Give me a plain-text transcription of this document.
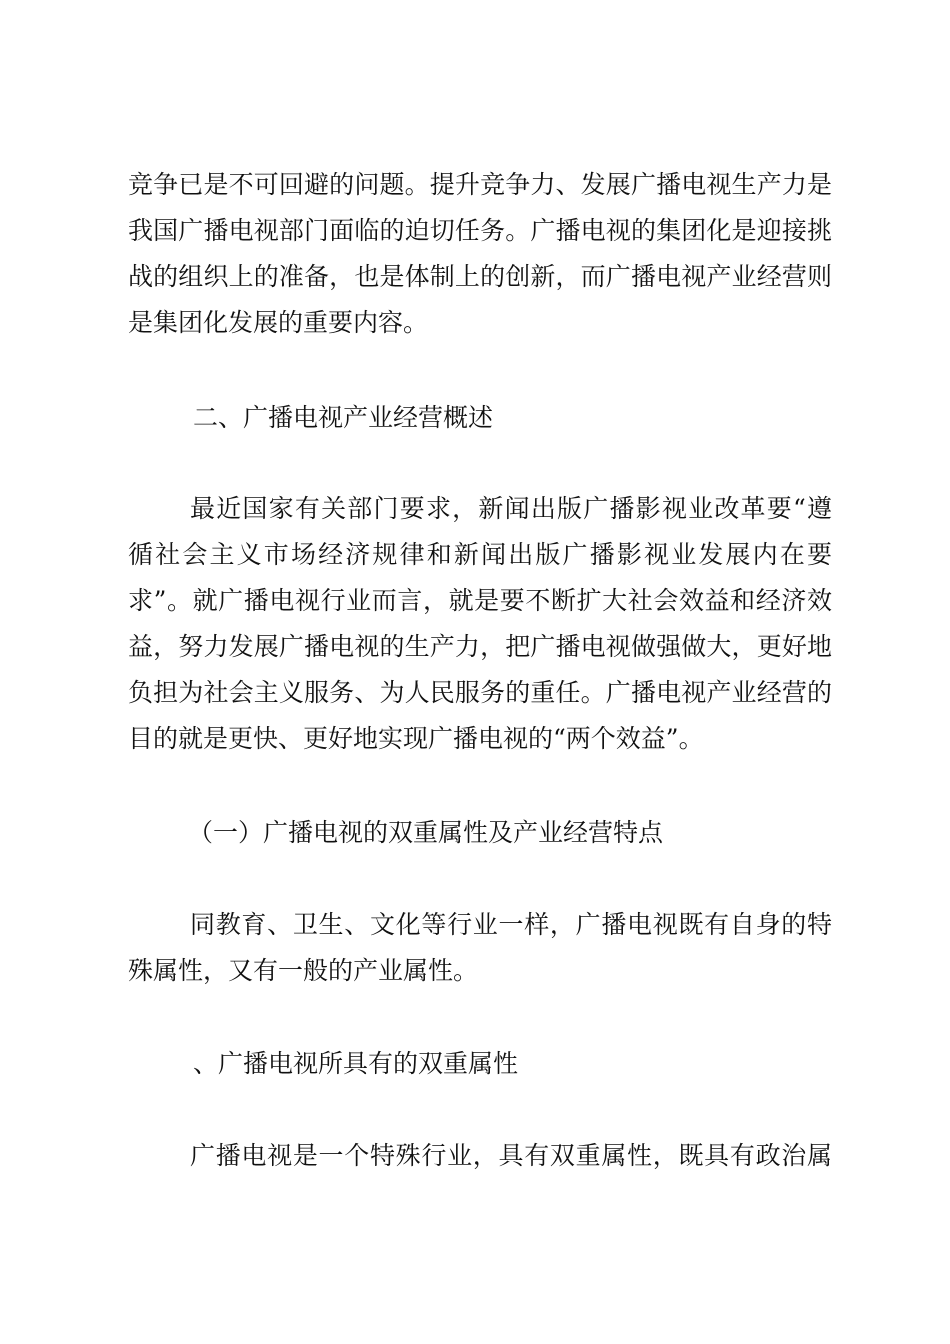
竞争已是不可回避的问题。提升竞争力、发展广播电视生产力是
我国广播电视部门面临的迫切任务。广播电视的集团化是迎接挑
战的组织上的准备，也是体制上的创新，而广播电视产业经营则
是集团化发展的重要内容。
二、广播电视产业经营概述
最近国家有关部门要求，新闻出版广播影视业改革要“遵
循社会主义市场经济规律和新闻出版广播影视业发展内在要
求”。就广播电视行业而言，就是要不断扩大社会效益和经济效
益，努力发展广播电视的生产力，把广播电视做强做大，更好地
负担为社会主义服务、为人民服务的重任。广播电视产业经营的
目的就是更快、更好地实现广播电视的“两个效益”。
（一）广播电视的双重属性及产业经营特点
同教育、卫生、文化等行业一样，广播电视既有自身的特
殊属性，又有一般的产业属性。
、广播电视所具有的双重属性
广播电视是一个特殊行业，具有双重属性，既具有政治属
